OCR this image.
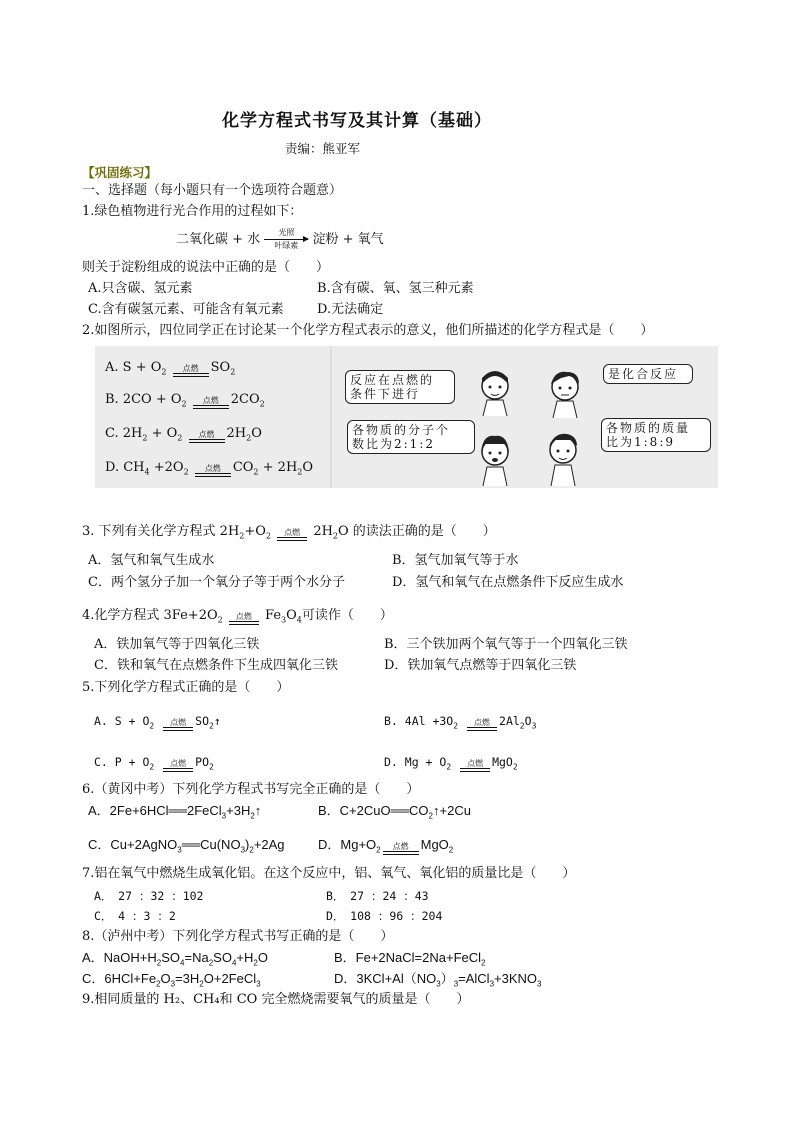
化学方程式书写及其计算（基础）
责编：熊亚军
【巩固练习】
一、选择题（每小题只有一个选项符合题意）
1.绿色植物进行光合作用的过程如下：
二氧化碳 + 水	光照
叶绿素	淀粉 + 氧气
则关于淀粉组成的说法中正确的是（　　）
A.只含碳、氢元素	B.含有碳、氧、氢三种元素
C.含有碳氢元素、可能含有氧元素	D.无法确定
2.如图所示，四位同学正在讨论某一个化学方程式表示的意义，他们所描述的化学方程式是（　　）
A. $S + O_2$	点燃 $SO_2$
B. $2CO + O_2$	点燃 $2CO_2$
C. $2H_2 + O_2$	点燃 $2H_2O$
D. $CH_4 +2O_2$	点燃 $CO_2 + 2H_2O$
反应在点燃的
条件下进行
是化合反应
各物质的分子个
数比为2:1:2
各物质的质量
比为1:8:9
3. 下列有关化学方程式 $2H_2+O_2$	点燃	$2H_2O$ 的读法正确的是（　　）
A．氢气和氧气生成水	B．氢气加氧气等于水
C．两个氢分子加一个氧分子等于两个水分子	D．氢气和氧气在点燃条件下反应生成水
4.化学方程式 $3Fe+2O_2$	点燃	$Fe_3O_4$可读作（　　）
A．铁加氧气等于四氧化三铁	B．三个铁加两个氧气等于一个四氧化三铁
C．铁和氧气在点燃条件下生成四氧化三铁	D．铁加氧气点燃等于四氧化三铁
5.下列化学方程式正确的是（　　）
A. $S + O_2$	点燃 $SO_2↑$	B. $4Al +3O_2$	点燃 $2Al_2O_3$
C. $P + O_2$	点燃 $PO_2$	D. $Mg + O_2$	点燃 MgO$_2$
6.（黄冈中考）下列化学方程式书写完全正确的是（　　）
A．$2Fe+6HCl══2FeCl_3+3H_2↑$	B．$C+2CuO══CO_2↑+2Cu$
C．$Cu+2AgNO_3══Cu(NO_3)_2+2Ag$	D．$Mg+O_2$	点燃 MgO$_2$
7.铝在氧气中燃烧生成氧化铝。在这个反应中，铝、氧气、氧化铝的质量比是（　　）
A．　27 ：32 ：102	B．　27 ：24 ：43
C．　4 ：3 ：2	D．　108 ：96 ：204
8.（泸州中考）下列化学方程式书写正确的是（　　）
A．$NaOH+H_2SO_4=Na_2SO_4+H_2O$	B．Fe+2NaCl=2Na+FeCl$_2$
C．$6HCl+Fe_2O_3=3H_2O+2FeCl_3$	D．$3KCl+Al(NO_3)_3=AlCl_3+3KNO_3$
9.相同质量的 H₂、CH₄和 CO 完全燃烧需要氧气的质量是（　　）
